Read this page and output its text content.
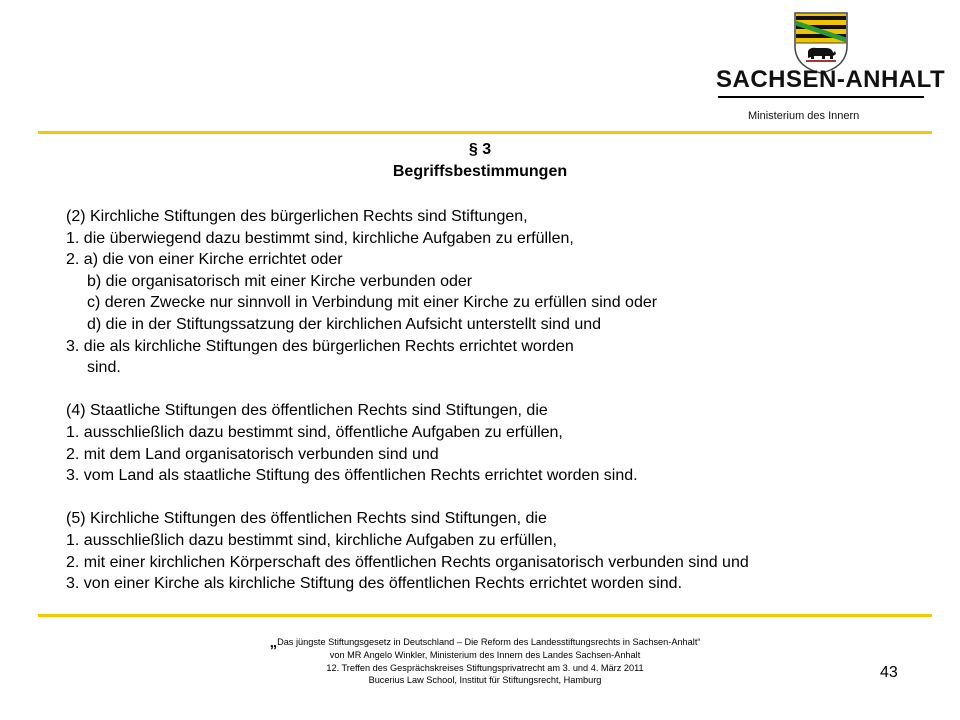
SACHSEN-ANHALT
Ministerium des Innern
§ 3
Begriffsbestimmungen
(2) Kirchliche Stiftungen des bürgerlichen Rechts sind Stiftungen,
1. die überwiegend dazu bestimmt sind, kirchliche Aufgaben zu erfüllen,
2. a) die von einer Kirche errichtet oder
b) die organisatorisch mit einer Kirche verbunden oder
c) deren Zwecke nur sinnvoll in Verbindung mit einer Kirche zu erfüllen sind oder
d) die in der Stiftungssatzung der kirchlichen Aufsicht unterstellt sind und
3. die als kirchliche Stiftungen des bürgerlichen Rechts errichtet worden
sind.
(4) Staatliche Stiftungen des öffentlichen Rechts sind Stiftungen, die
1. ausschließlich dazu bestimmt sind, öffentliche Aufgaben zu erfüllen,
2. mit dem Land organisatorisch verbunden sind und
3. vom Land als staatliche Stiftung des öffentlichen Rechts errichtet worden sind.
(5) Kirchliche Stiftungen des öffentlichen Rechts sind Stiftungen, die
1. ausschließlich dazu bestimmt sind, kirchliche Aufgaben zu erfüllen,
2. mit einer kirchlichen Körperschaft des öffentlichen Rechts organisatorisch verbunden sind und
3. von einer Kirche als kirchliche Stiftung des öffentlichen Rechts errichtet worden sind.
„Das jüngste Stiftungsgesetz in Deutschland – Die Reform des Landesstiftungsrechts in Sachsen-Anhalt“
von MR Angelo Winkler, Ministerium des Innern des Landes Sachsen-Anhalt
12. Treffen des Gesprächskreises Stiftungsprivatrecht am 3. und 4. März 2011
Bucerius Law School, Institut für Stiftungsrecht, Hamburg	43
